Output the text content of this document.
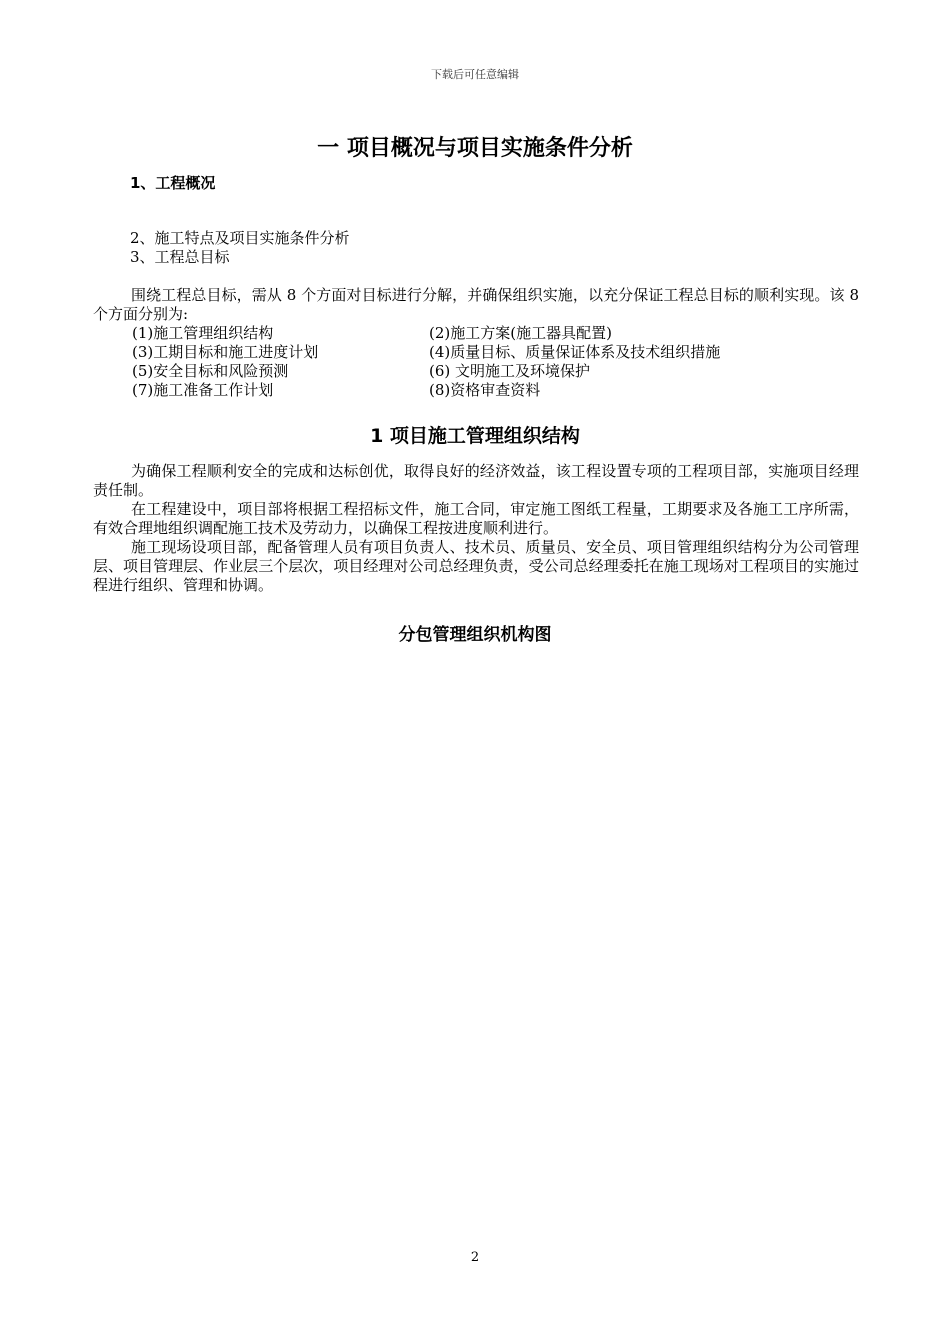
下载后可任意编辑
一 项目概况与项目实施条件分析
1、工程概况
2、施工特点及项目实施条件分析
3、工程总目标

围绕工程总目标，需从 8 个方面对目标进行分解，并确保组织实施，以充分保证工程总目标的顺利实现。该 8 个方面分别为:

(1)施工管理组织结构	(2)施工方案(施工器具配置)
(3)工期目标和施工进度计划	(4)质量目标、质量保证体系及技术组织措施
(5)安全目标和风险预测	(6) 文明施工及环境保护
(7)施工准备工作计划	(8)资格审查资料
1 项目施工管理组织结构

为确保工程顺利安全的完成和达标创优，取得良好的经济效益，该工程设置专项的工程项目部，实施项目经理责任制。

在工程建设中，项目部将根据工程招标文件，施工合同，审定施工图纸工程量，工期要求及各施工工序所需，有效合理地组织调配施工技术及劳动力，以确保工程按进度顺利进行。

施工现场设项目部，配备管理人员有项目负责人、技术员、质量员、安全员、项目管理组织结构分为公司管理层、项目管理层、作业层三个层次，项目经理对公司总经理负责，受公司总经理委托在施工现场对工程项目的实施过程进行组织、管理和协调。

分包管理组织机构图
2
